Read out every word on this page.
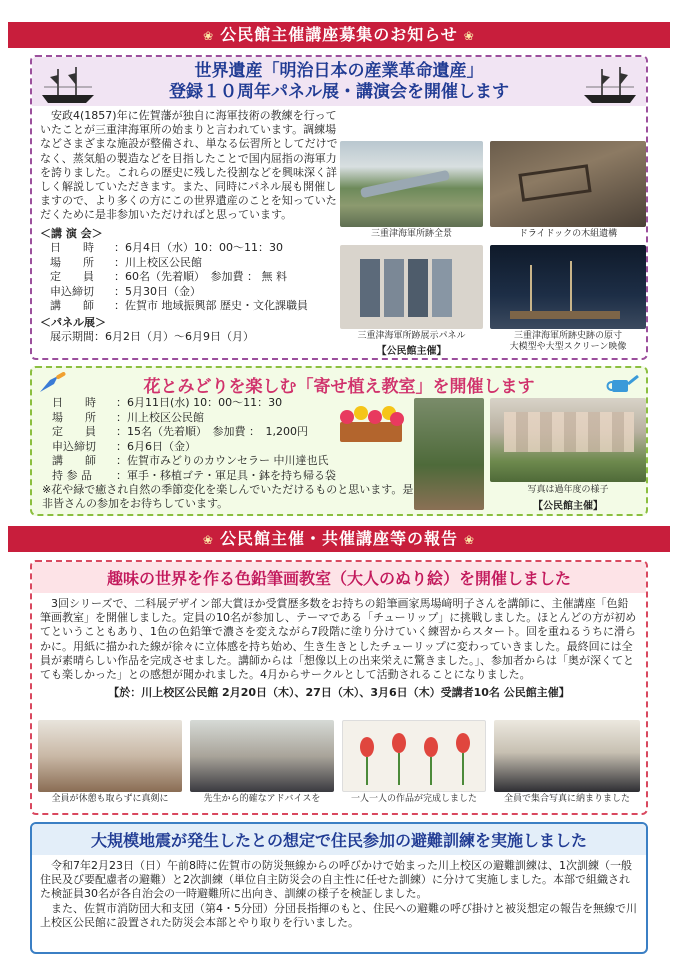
❀ 公民館主催講座募集のお知らせ ❀
世界遺産「明治日本の産業革命遺産」
登録１０周年パネル展・講演会を開催します
安政4(1857)年に佐賀藩が独自に海軍技術の教練を行っていたことが三重津海軍所の始まりと言われています。調練場などさまざまな施設が整備され、単なる伝習所としてだけでなく、蒸気船の製造などを目指したことで国内屈指の海軍力を誇りました。これらの歴史に残した役割などを興味深く詳しく解説していただきます。また、同時にパネル展も開催しますので、より多くの方にこの世界遺産のことを知っていただくために是非参加いただければと思っています。
＜講 演 会＞
日　　時	：6月4日（水）10：00～11：30
場　　所	：川上校区公民館
定　　員	：60名（先着順）　参加費 ： 無 料
申込締切	：5月30日（金）
講　　師	：佐賀市 地域振興部 歴史・文化課職員
＜パネル展＞
展示期間：6月2日（月）～6月9日（月）
三重津海軍所跡全景	ドライドックの木組遺構
三重津海軍所跡展示パネル
【公民館主催】
三重津海軍所跡史跡の原寸
大模型や大型スクリーン映像
花とみどりを楽しむ「寄せ植え教室」を開催します
日　　時	：6月11日(水) 10：00～11：30
場　　所	：川上校区公民館
定　　員	：15名（先着順）　参加費 ：　1,200円
申込締切	：6月6日（金）
講　　師	：佐賀市みどりのカウンセラー 中川達也氏
持 参 品	：軍手・移植ゴテ・軍足具・鉢を持ち帰る袋
※花や緑で癒され自然の季節変化を楽しんでいただけるものと思います。是非皆さんの参加をお待ちしています。
写真は過年度の様子
【公民館主催】
❀ 公民館主催・共催講座等の報告 ❀
趣味の世界を作る色鉛筆画教室（大人のぬり絵）を開催しました
3回シリーズで、二科展デザイン部大賞ほか受賞歴多数をお持ちの鉛筆画家馬場﨑明子さんを講師に、主催講座「色鉛筆画教室」を開催しました。定員の10名が参加し、テーマである「チューリップ」に挑戦しました。ほとんどの方が初めてということもあり、1色の色鉛筆で濃さを変えながら7段階に塗り分けていく練習からスタート。回を重ねるうちに滑らかに。用紙に描かれた線が徐々に立体感を持ち始め、生き生きとしたチューリップに変わっていきました。最終回には全員が素晴らしい作品を完成させました。講師からは「想像以上の出来栄えに驚きました。」、参加者からは「奥が深くてとても楽しかった」との感想が聞かれました。4月からサークルとして活動されることになりました。
【於：川上校区公民館 2月20日（木）、27日（木）、3月6日（木）受講者10名 公民館主催】
全員が休憩も取らずに真剣に	先生から的確なアドバイスを	一人一人の作品が完成しました	全員で集合写真に納まりました
大規模地震が発生したとの想定で住民参加の避難訓練を実施しました
令和7年2月23日（日）午前8時に佐賀市の防災無線からの呼びかけで始まった川上校区の避難訓練は、1次訓練（一般住民及び要配慮者の避難）と2次訓練（単位自主防災会の自主性に任せた訓練）に分けて実施しました。本部で組織された検証員30名が各自治会の一時避難所に出向き、訓練の様子を検証しました。
また、佐賀市消防団大和支団（第4・5分団）分団長指揮のもと、住民への避難の呼び掛けと被災想定の報告を無線で川上校区公民館に設置された防災会本部とやり取りを行いました。
